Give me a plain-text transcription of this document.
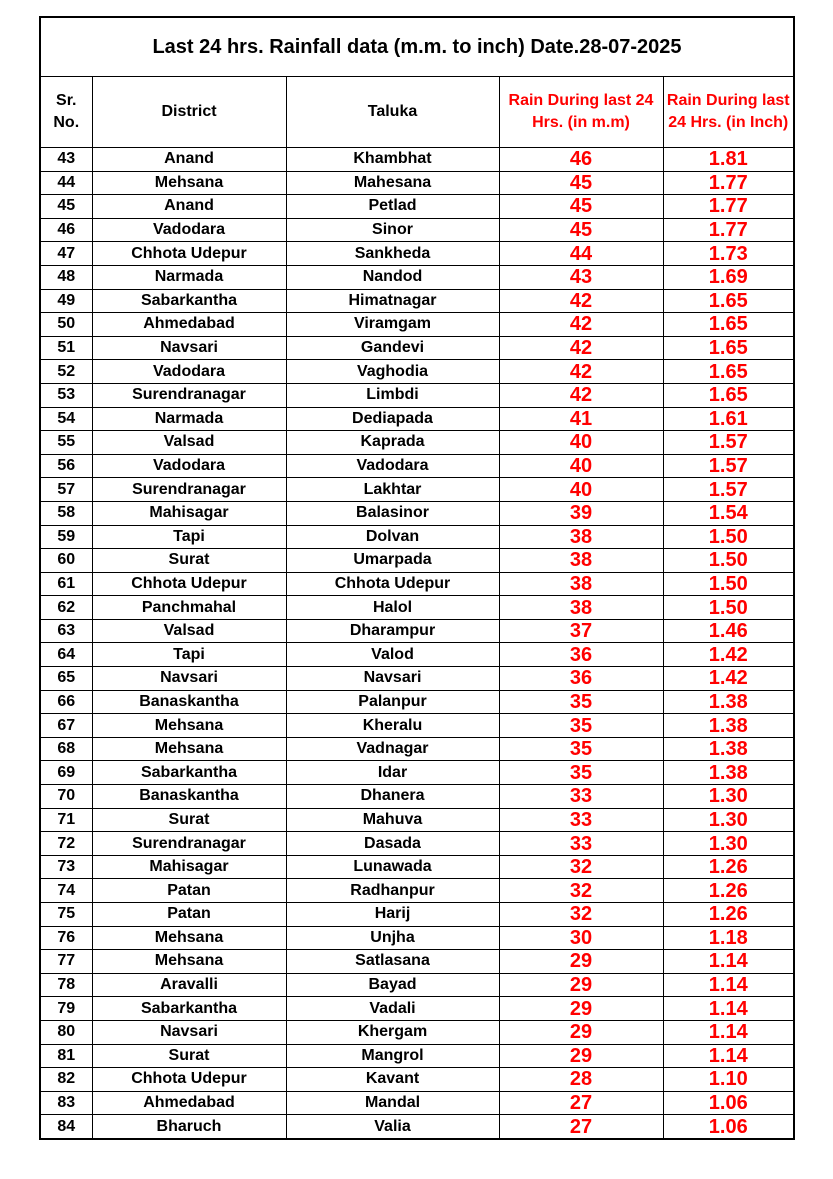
Last 24 hrs. Rainfall data (m.m. to inch) Date.28-07-2025
Sr. No.	District	Taluka	Rain During last 24 Hrs. (in m.m)	Rain During last 24 Hrs. (in Inch)
43	Anand	Khambhat	46	1.81
44	Mehsana	Mahesana	45	1.77
45	Anand	Petlad	45	1.77
46	Vadodara	Sinor	45	1.77
47	Chhota Udepur	Sankheda	44	1.73
48	Narmada	Nandod	43	1.69
49	Sabarkantha	Himatnagar	42	1.65
50	Ahmedabad	Viramgam	42	1.65
51	Navsari	Gandevi	42	1.65
52	Vadodara	Vaghodia	42	1.65
53	Surendranagar	Limbdi	42	1.65
54	Narmada	Dediapada	41	1.61
55	Valsad	Kaprada	40	1.57
56	Vadodara	Vadodara	40	1.57
57	Surendranagar	Lakhtar	40	1.57
58	Mahisagar	Balasinor	39	1.54
59	Tapi	Dolvan	38	1.50
60	Surat	Umarpada	38	1.50
61	Chhota Udepur	Chhota Udepur	38	1.50
62	Panchmahal	Halol	38	1.50
63	Valsad	Dharampur	37	1.46
64	Tapi	Valod	36	1.42
65	Navsari	Navsari	36	1.42
66	Banaskantha	Palanpur	35	1.38
67	Mehsana	Kheralu	35	1.38
68	Mehsana	Vadnagar	35	1.38
69	Sabarkantha	Idar	35	1.38
70	Banaskantha	Dhanera	33	1.30
71	Surat	Mahuva	33	1.30
72	Surendranagar	Dasada	33	1.30
73	Mahisagar	Lunawada	32	1.26
74	Patan	Radhanpur	32	1.26
75	Patan	Harij	32	1.26
76	Mehsana	Unjha	30	1.18
77	Mehsana	Satlasana	29	1.14
78	Aravalli	Bayad	29	1.14
79	Sabarkantha	Vadali	29	1.14
80	Navsari	Khergam	29	1.14
81	Surat	Mangrol	29	1.14
82	Chhota Udepur	Kavant	28	1.10
83	Ahmedabad	Mandal	27	1.06
84	Bharuch	Valia	27	1.06
